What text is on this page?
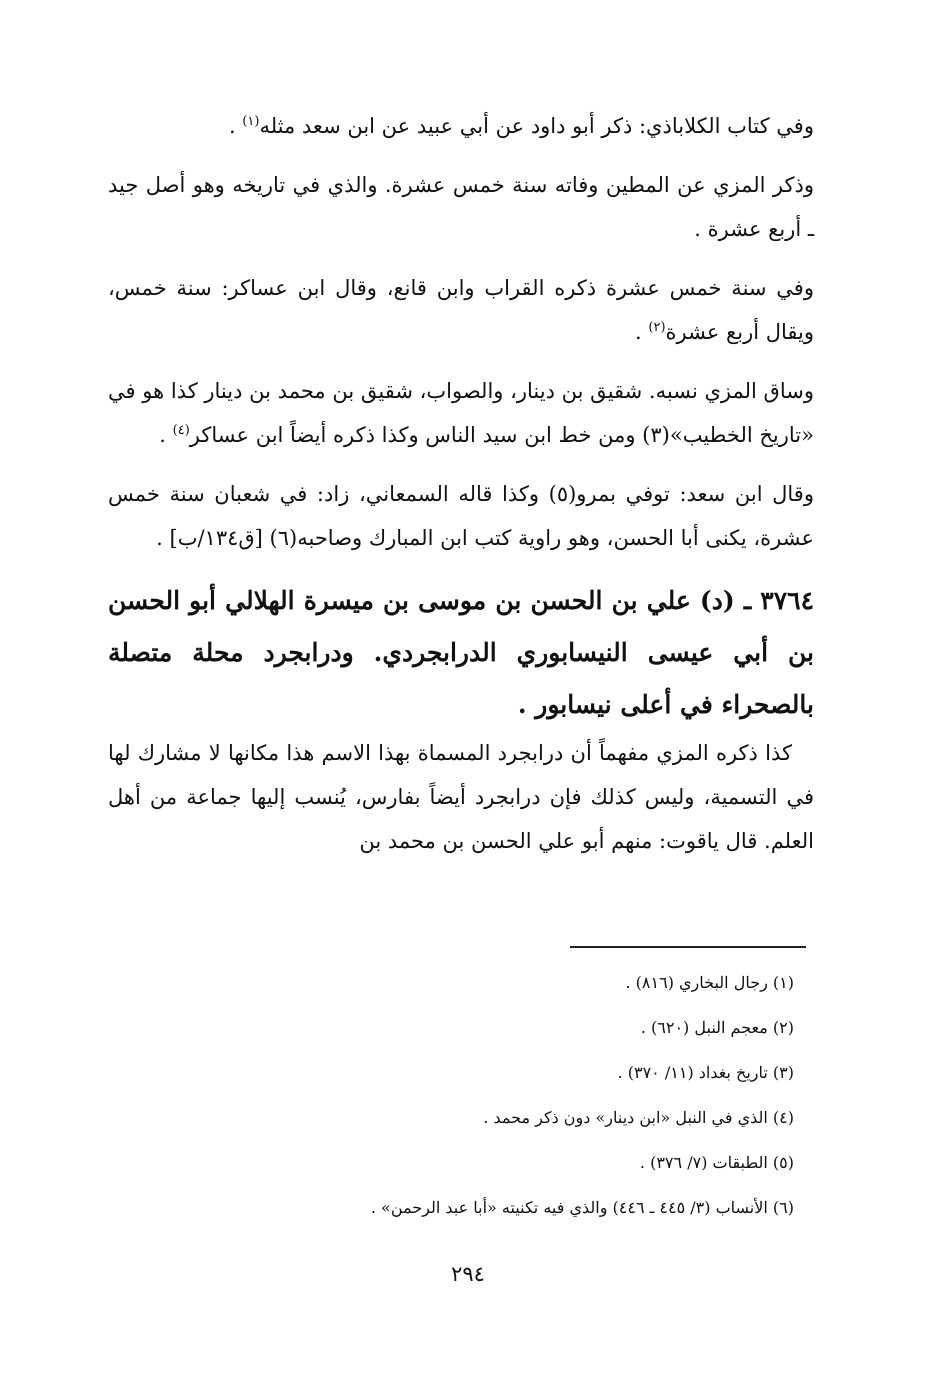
وفي كتاب الكلاباذي: ذكر أبو داود عن أبي عبيد عن ابن سعد مثله$^{(١)}$ .

وذكر المزي عن المطين وفاته سنة خمس عشرة. والذي في تاريخه وهو أصل جيد ـ أربع عشرة .

وفي سنة خمس عشرة ذكره القراب وابن قانع، وقال ابن عساكر: سنة خمس، ويقال أربع عشرة$^{(٢)}$ .

وساق المزي نسبه. شقيق بن دينار، والصواب، شقيق بن محمد بن دينار كذا هو في «تاريخ الخطيب»(٣) ومن خط ابن سيد الناس وكذا ذكره أيضاً ابن عساكر$^{(٤)}$ .

وقال ابن سعد: توفي بمرو(٥) وكذا قاله السمعاني، زاد: في شعبان سنة خمس عشرة، يكنى أبا الحسن، وهو راوية كتب ابن المبارك وصاحبه(٦) [ق١٣٤/ب] .

٣٧٦٤ ـ (د) علي بن الحسن بن موسى بن ميسرة الهلالي أبو الحسن بن أبي عيسى النيسابوري الدرابجردي. ودرابجرد محلة متصلة بالصحراء في أعلى نيسابور .

كذا ذكره المزي مفهماً أن درابجرد المسماة بهذا الاسم هذا مكانها لا مشارك لها في التسمية، وليس كذلك فإن درابجرد أيضاً بفارس، يُنسب إليها جماعة من أهل العلم. قال ياقوت: منهم أبو علي الحسن بن محمد بن

(١) رجال البخاري (٨١٦) .
(٢) معجم النبل (٦٢٠) .
(٣) تاريخ بغداد (١١/ ٣٧٠) .
(٤) الذي في النبل «ابن دينار» دون ذكر محمد .
(٥) الطبقات (٧/ ٣٧٦) .
(٦) الأنساب (٣/ ٤٤٥ ـ ٤٤٦) والذي فيه تكنيته «أبا عبد الرحمن» .
٢٩٤
